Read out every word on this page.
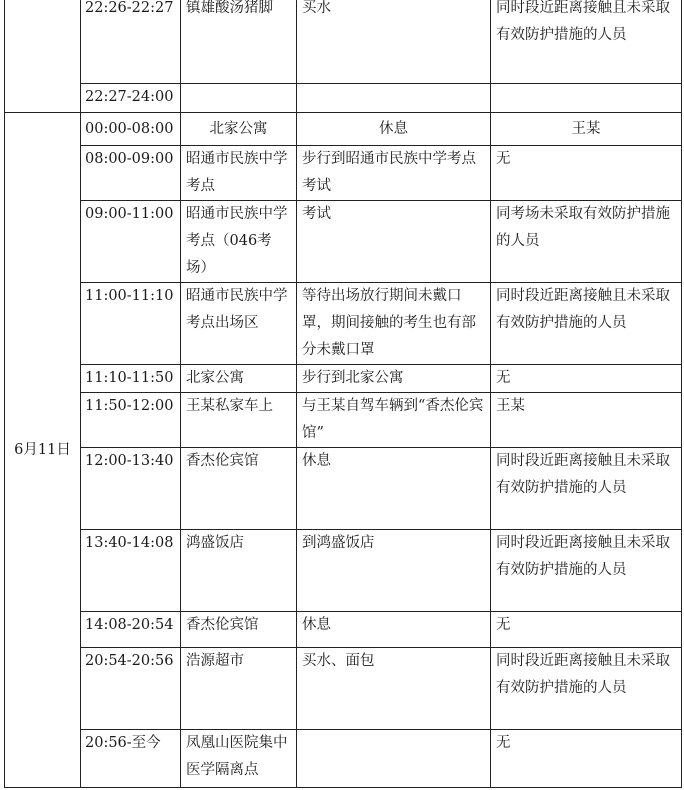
	22:26-22:27	镇雄酸汤猪脚	买水	同时段近距离接触且未采取有效防护措施的人员
	22:27-24:00			
6月11日	00:00-08:00	北家公寓	休息	王某
	08:00-09:00	昭通市民族中学考点	步行到昭通市民族中学考点考试	无
	09:00-11:00	昭通市民族中学考点（046考场）	考试	同考场未采取有效防护措施的人员
	11:00-11:10	昭通市民族中学考点出场区	等待出场放行期间未戴口罩，期间接触的考生也有部分未戴口罩	同时段近距离接触且未采取有效防护措施的人员
	11:10-11:50	北家公寓	步行到北家公寓	无
	11:50-12:00	王某私家车上	与王某自驾车辆到“香杰伦宾馆”	王某
	12:00-13:40	香杰伦宾馆	休息	同时段近距离接触且未采取有效防护措施的人员
	13:40-14:08	鸿盛饭店	到鸿盛饭店	同时段近距离接触且未采取有效防护措施的人员
	14:08-20:54	香杰伦宾馆	休息	无
	20:54-20:56	浩源超市	买水、面包	同时段近距离接触且未采取有效防护措施的人员
	20:56-至今	凤凰山医院集中医学隔离点		无
